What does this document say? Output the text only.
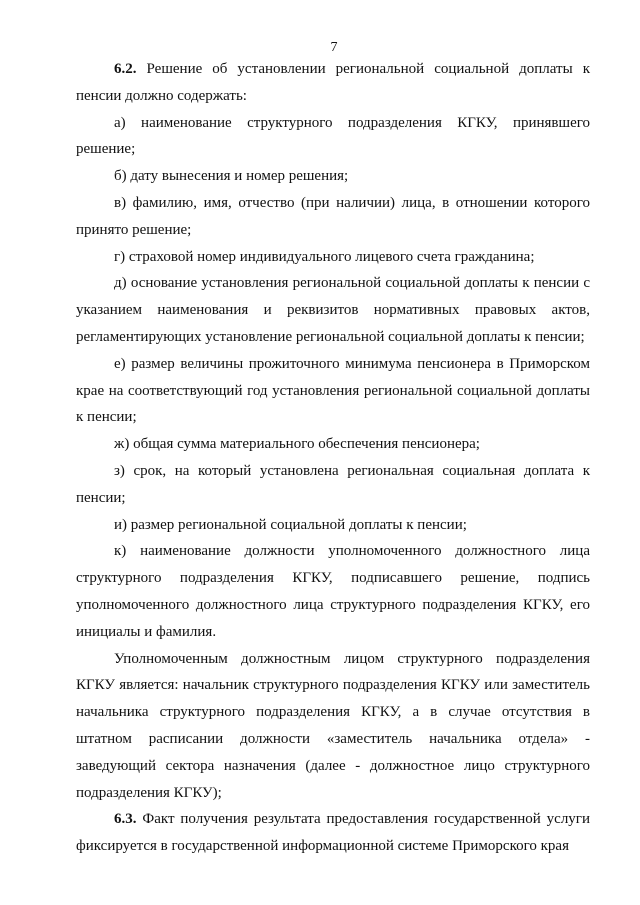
7

6.2. Решение об установлении региональной социальной доплаты к пенсии должно содержать:

а) наименование структурного подразделения КГКУ, принявшего решение;

б) дату вынесения и номер решения;

в) фамилию, имя, отчество (при наличии) лица, в отношении которого принято решение;

г) страховой номер индивидуального лицевого счета гражданина;

д) основание установления региональной социальной доплаты к пенсии с указанием наименования и реквизитов нормативных правовых актов, регламентирующих установление региональной социальной доплаты к пенсии;

е) размер величины прожиточного минимума пенсионера в Приморском крае на соответствующий год установления региональной социальной доплаты к пенсии;

ж) общая сумма материального обеспечения пенсионера;

з) срок, на который установлена региональная социальная доплата к пенсии;

и) размер региональной социальной доплаты к пенсии;

к) наименование должности уполномоченного должностного лица структурного подразделения КГКУ, подписавшего решение, подпись уполномоченного должностного лица структурного подразделения КГКУ, его инициалы и фамилия.

Уполномоченным должностным лицом структурного подразделения КГКУ является: начальник структурного подразделения КГКУ или заместитель начальника структурного подразделения КГКУ, а в случае отсутствия в штатном расписании должности «заместитель начальника отдела» - заведующий сектора назначения (далее - должностное лицо структурного подразделения КГКУ);

6.3. Факт получения результата предоставления государственной услуги фиксируется в государственной информационной системе Приморского края
